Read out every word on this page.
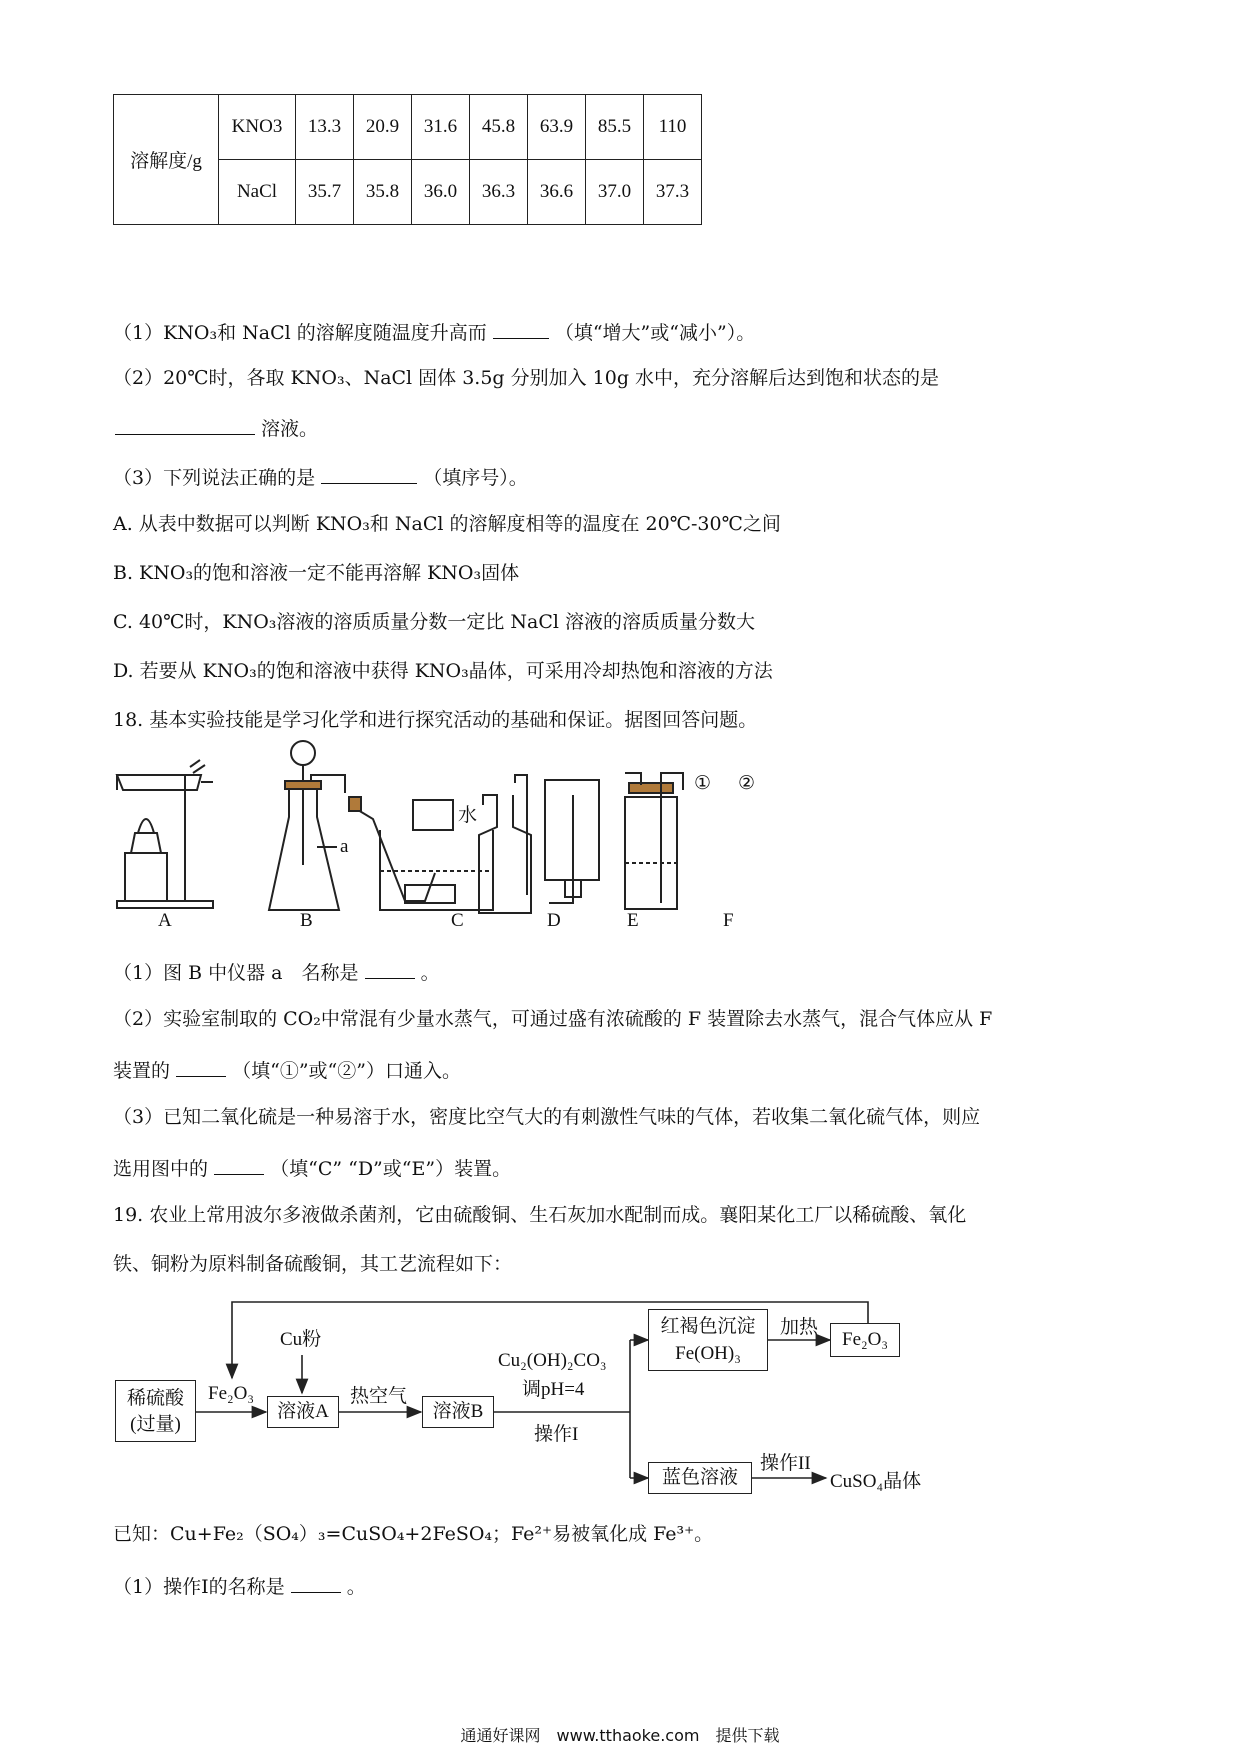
溶解度/g	KNO3	13.3	20.9	31.6	45.8	63.9	85.5	110
	NaCl	35.7	35.8	36.0	36.3	36.6	37.0	37.3
（1）KNO₃和 NaCl 的溶解度随温度升高而	（填“增大”或“减小”）。
（2）20℃时，各取 KNO₃、NaCl 固体 3.5g 分别加入 10g 水中，充分溶解后达到饱和状态的是
溶液。
（3）下列说法正确的是	（填序号）。
A. 从表中数据可以判断 KNO₃和 NaCl 的溶解度相等的温度在 20℃-30℃之间
B. KNO₃的饱和溶液一定不能再溶解 KNO₃固体
C. 40℃时，KNO₃溶液的溶质质量分数一定比 NaCl 溶液的溶质质量分数大
D. 若要从 KNO₃的饱和溶液中获得 KNO₃晶体，可采用冷却热饱和溶液的方法
18. 基本实验技能是学习化学和进行探究活动的基础和保证。据图回答问题。
A	B	C	D	E	F
a
水
① ②
（1）图 B 中仪器 a　名称是	。
（2）实验室制取的 CO₂中常混有少量水蒸气，可通过盛有浓硫酸的 F 装置除去水蒸气，混合气体应从 F
装置的	（填“①”或“②”）口通入。
（3）已知二氧化硫是一种易溶于水，密度比空气大的有刺激性气味的气体，若收集二氧化硫气体，则应
选用图中的	（填“C” “D”或“E”）装置。
19. 农业上常用波尔多液做杀菌剂，它由硫酸铜、生石灰加水配制而成。襄阳某化工厂以稀硫酸、氧化
铁、铜粉为原料制备硫酸铜，其工艺流程如下：
稀硫酸
(过量)
Fe₂O₃
Cu粉
溶液A
热空气
溶液B
Cu₂(OH)₂CO₃
调pH=4
操作I
红褐色沉淀
Fe(OH)₃
加热
Fe₂O₃
蓝色溶液
操作II
CuSO₄晶体
已知：Cu+Fe₂（SO₄）₃=CuSO₄+2FeSO₄；Fe²⁺易被氧化成 Fe³⁺。
（1）操作I的名称是	。
通通好课网　www.tthaoke.com　提供下载
